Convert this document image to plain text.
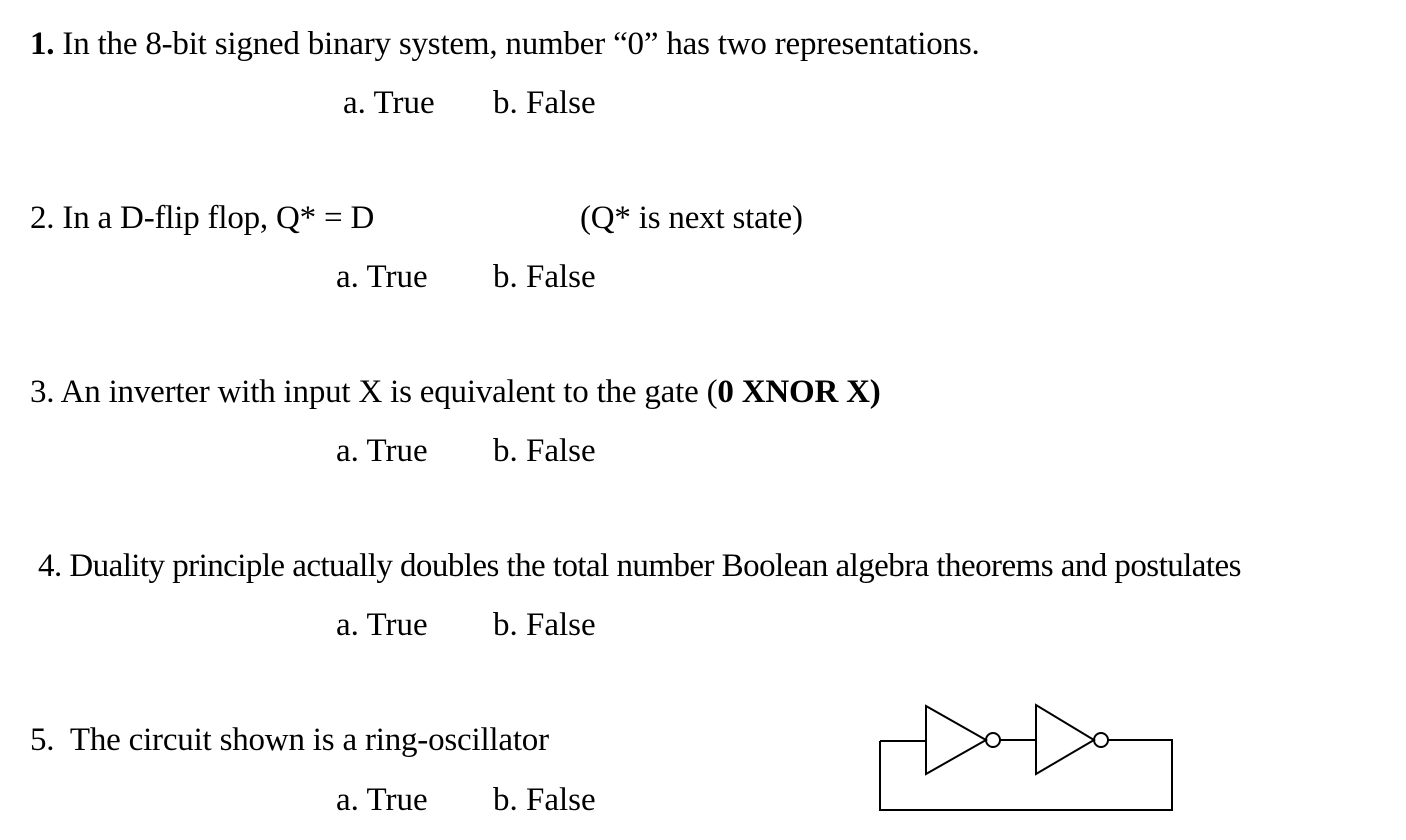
1. In the 8-bit signed binary system, number “0” has two representations.
a. True b. False
2. In a D-flip flop, Q* = D	(Q* is next state)
a. True b. False
3. An inverter with input X is equivalent to the gate (0 XNOR X)
a. True b. False
4. Duality principle actually doubles the total number Boolean algebra theorems and postulates
a. True b. False
5. The circuit shown is a ring-oscillator
a. True b. False
